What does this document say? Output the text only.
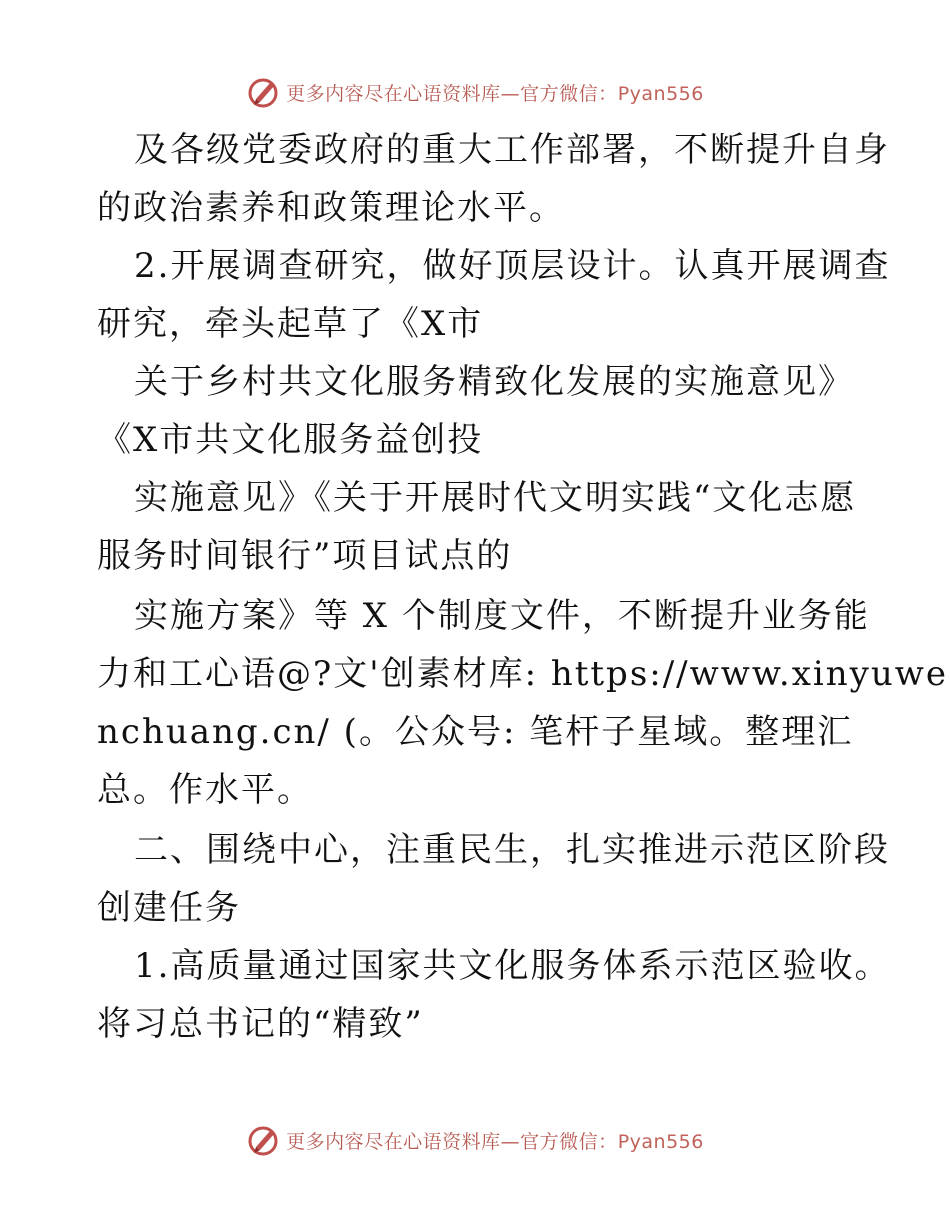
更多内容尽在心语资料库—官方微信：Pyan556
及各级党委政府的重大工作部署，不断提升自身
的政治素养和政策理论水平。
2.开展调查研究，做好顶层设计。认真开展调查
研究，牵头起草了《X市
关于乡村共文化服务精致化发展的实施意见》
《X市共文化服务益创投
实施意见》《关于开展时代文明实践“文化志愿
服务时间银行”项目试点的
实施方案》等 X 个制度文件，不断提升业务能
力和工心语@?文'创素材库: https://www.xinyuwe
nchuang.cn/ (。公众号: 笔杆子星域。整理汇
总。作水平。
二、围绕中心，注重民生，扎实推进示范区阶段
创建任务
1.高质量通过国家共文化服务体系示范区验收。
将习总书记的“精致”
更多内容尽在心语资料库—官方微信：Pyan556
